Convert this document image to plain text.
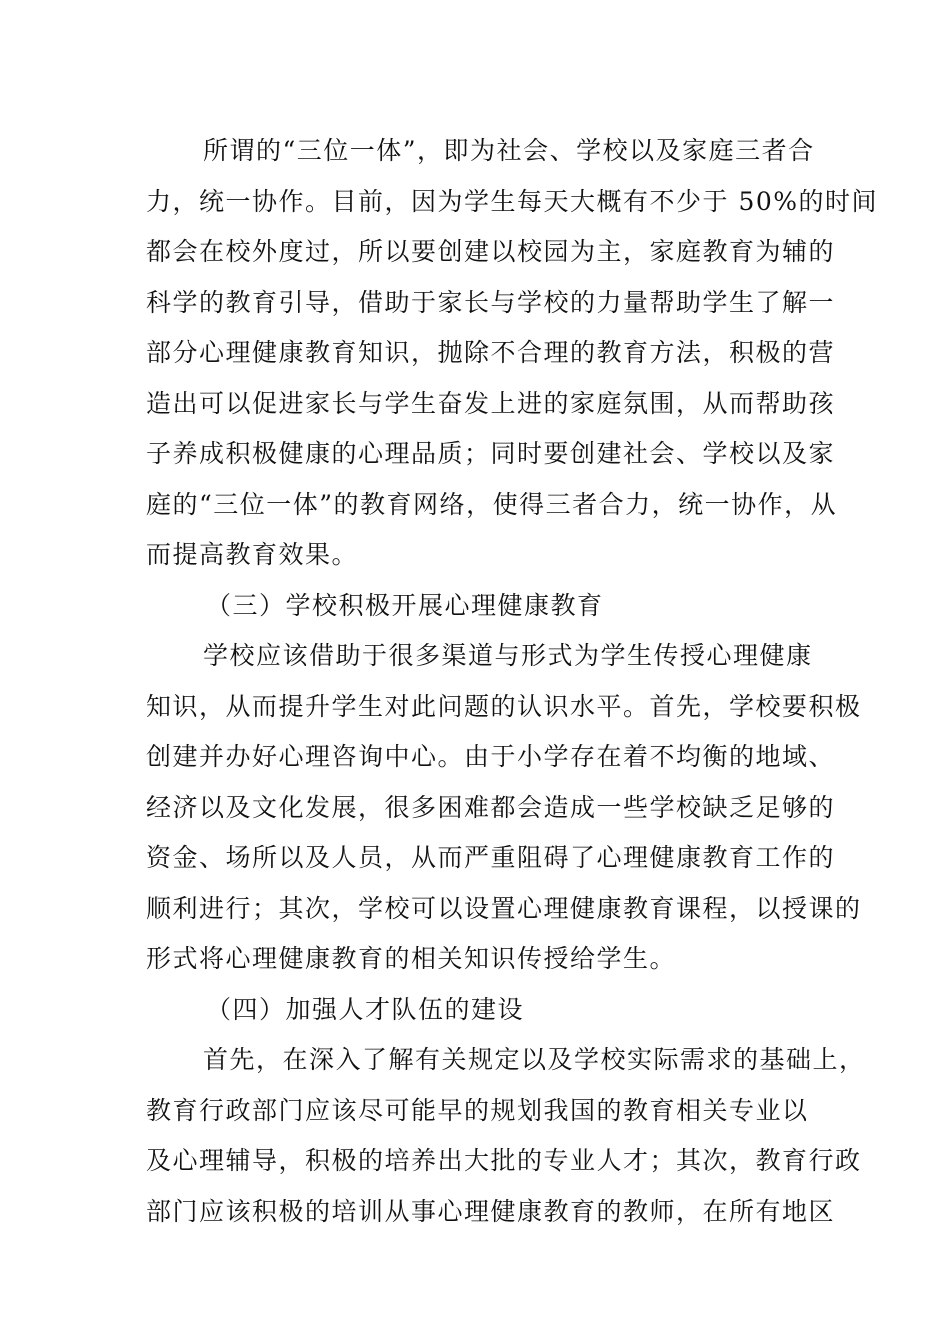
所谓的“三位一体”，即为社会、学校以及家庭三者合
力，统一协作。目前，因为学生每天大概有不少于 50%的时间
都会在校外度过，所以要创建以校园为主，家庭教育为辅的
科学的教育引导，借助于家长与学校的力量帮助学生了解一
部分心理健康教育知识，抛除不合理的教育方法，积极的营
造出可以促进家长与学生奋发上进的家庭氛围，从而帮助孩
子养成积极健康的心理品质；同时要创建社会、学校以及家
庭的“三位一体”的教育网络，使得三者合力，统一协作，从
而提高教育效果。
（三）学校积极开展心理健康教育
学校应该借助于很多渠道与形式为学生传授心理健康
知识，从而提升学生对此问题的认识水平。首先，学校要积极
创建并办好心理咨询中心。由于小学存在着不均衡的地域、
经济以及文化发展，很多困难都会造成一些学校缺乏足够的
资金、场所以及人员，从而严重阻碍了心理健康教育工作的
顺利进行；其次，学校可以设置心理健康教育课程，以授课的
形式将心理健康教育的相关知识传授给学生。
（四）加强人才队伍的建设
首先，在深入了解有关规定以及学校实际需求的基础上，
教育行政部门应该尽可能早的规划我国的教育相关专业以
及心理辅导，积极的培养出大批的专业人才；其次，教育行政
部门应该积极的培训从事心理健康教育的教师，在所有地区
